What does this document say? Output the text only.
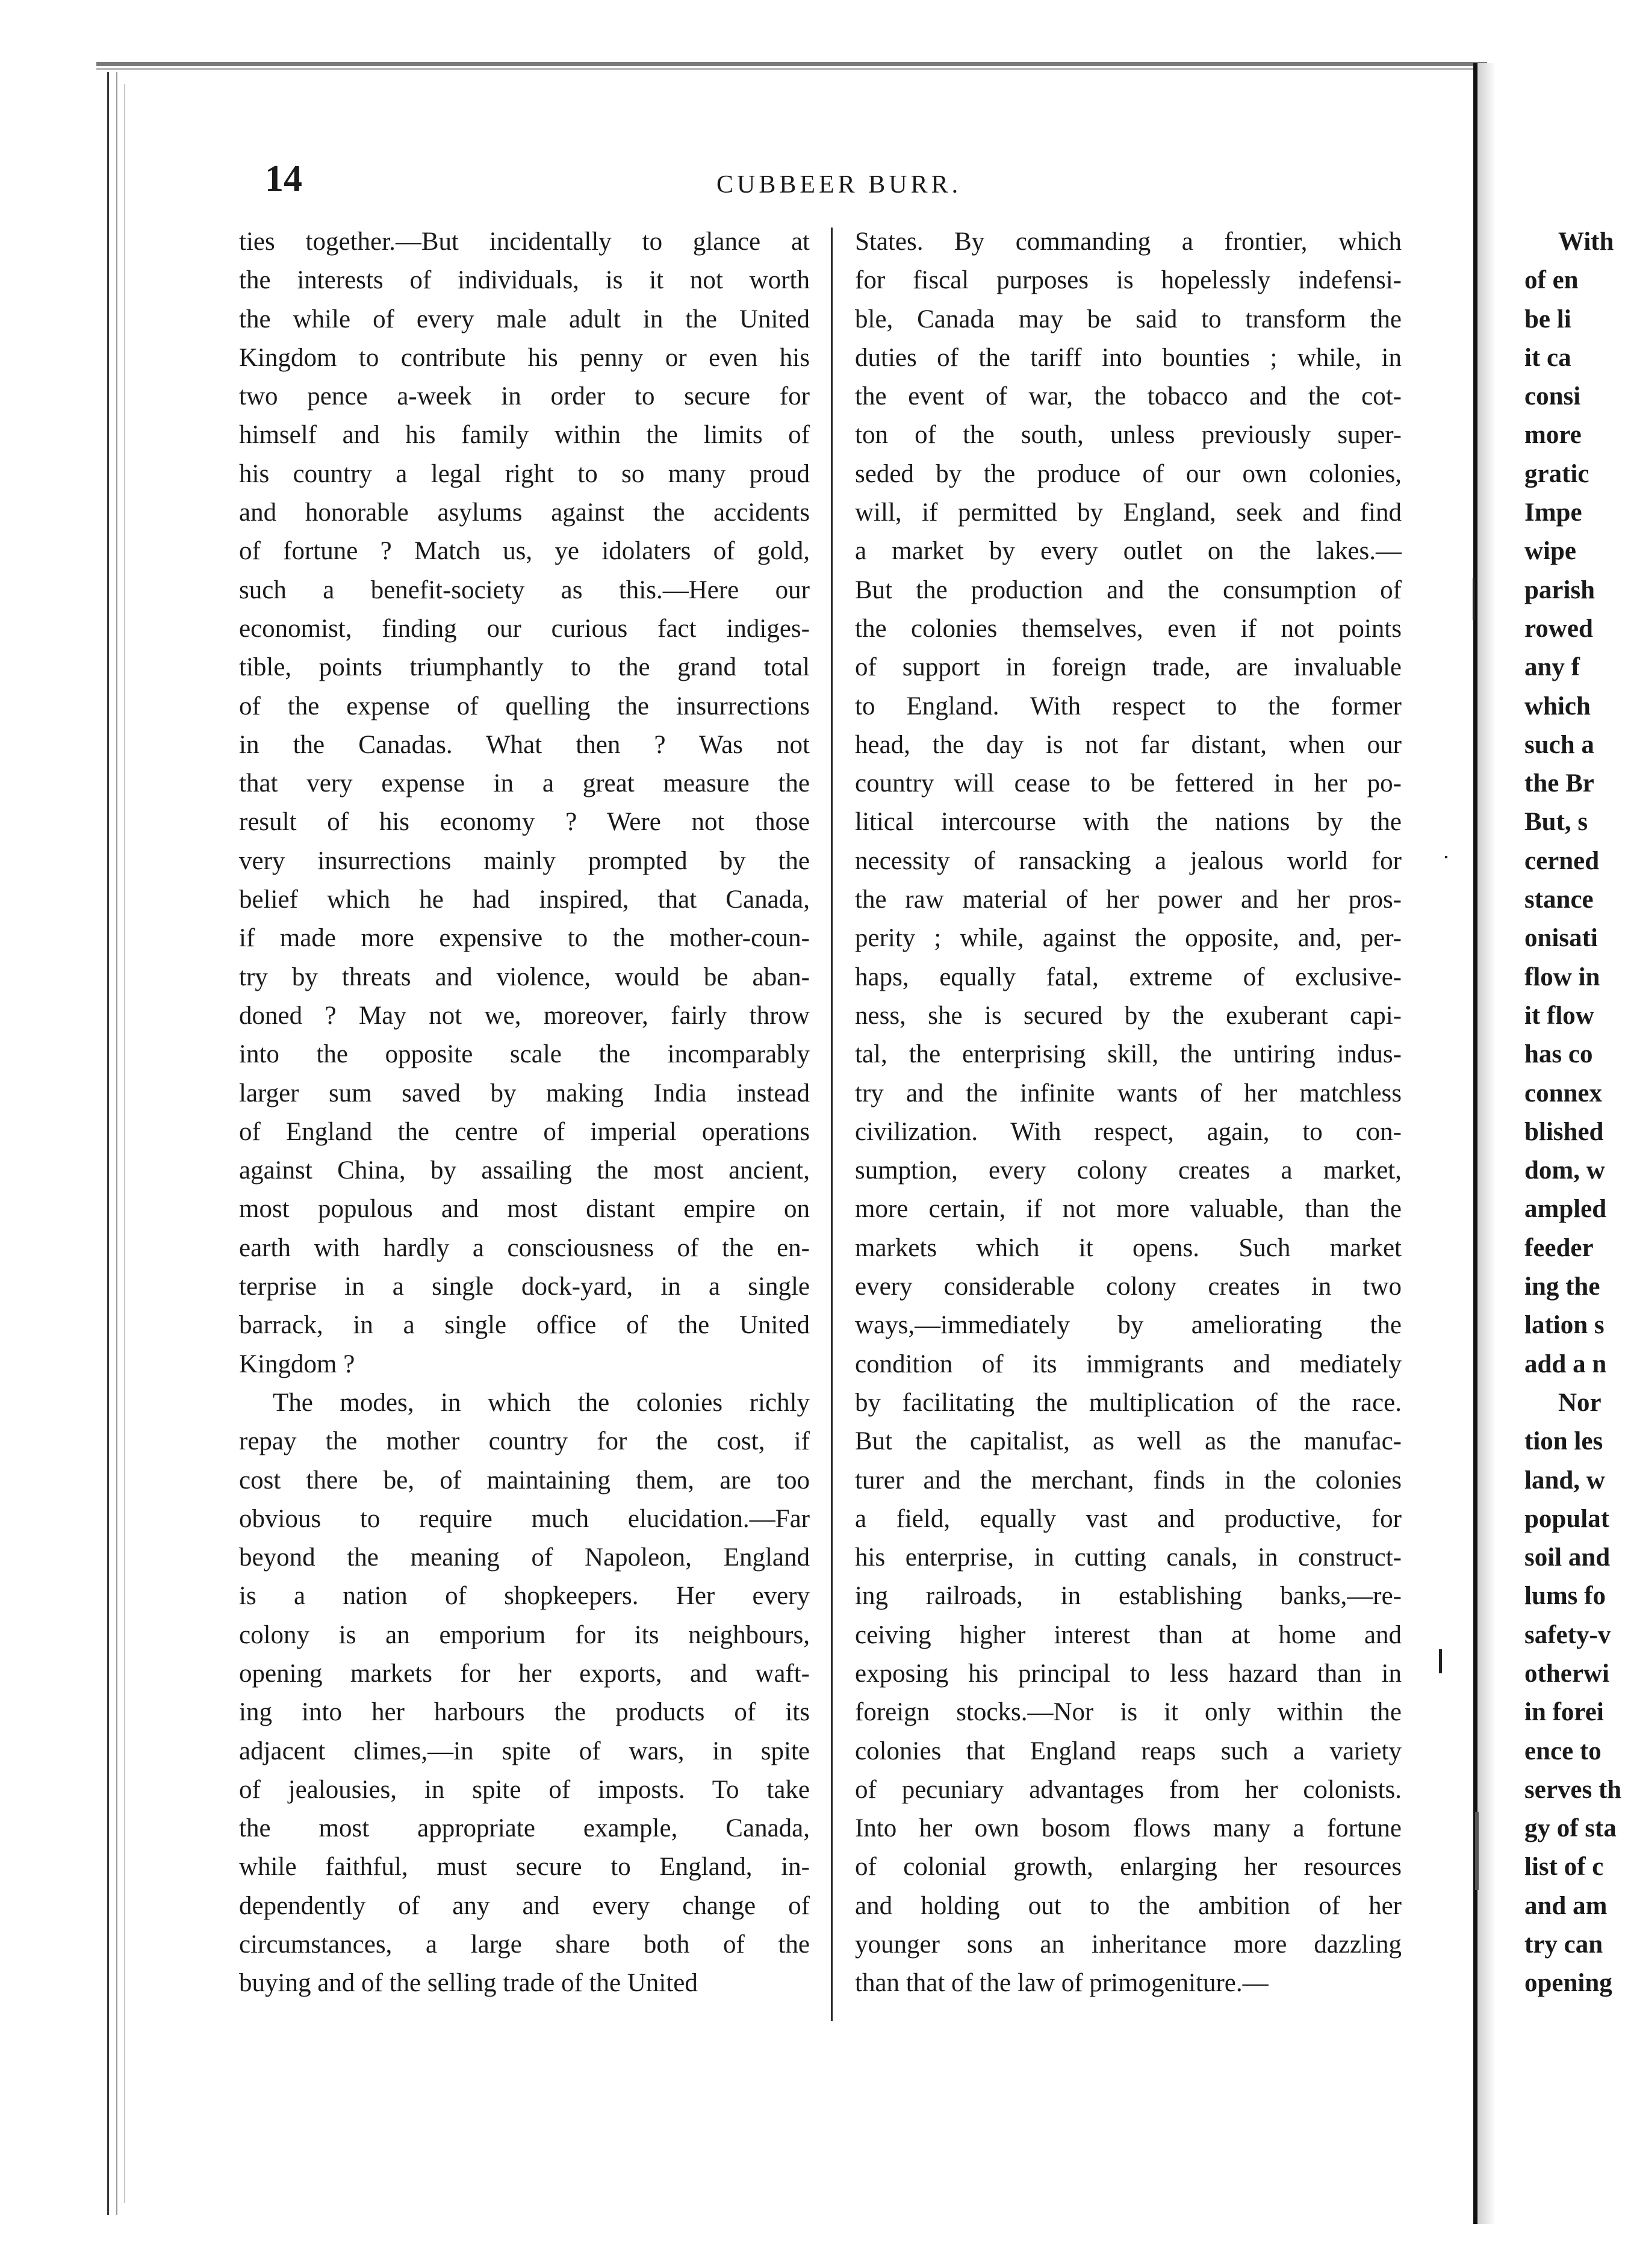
14	CUBBEER BURR.
ties together.—But incidentally to glance at
the interests of individuals, is it not worth
the while of every male adult in the United
Kingdom to contribute his penny or even his
two pence a-week in order to secure for
himself and his family within the limits of
his country a legal right to so many proud
and honorable asylums against the accidents
of fortune ? Match us, ye idolaters of gold,
such a benefit-society as this.—Here our
economist, finding our curious fact indiges-
tible, points triumphantly to the grand total
of the expense of quelling the insurrections
in the Canadas. What then ? Was not
that very expense in a great measure the
result of his economy ? Were not those
very insurrections mainly prompted by the
belief which he had inspired, that Canada,
if made more expensive to the mother-coun-
try by threats and violence, would be aban-
doned ? May not we, moreover, fairly throw
into the opposite scale the incomparably
larger sum saved by making India instead
of England the centre of imperial operations
against China, by assailing the most ancient,
most populous and most distant empire on
earth with hardly a consciousness of the en-
terprise in a single dock-yard, in a single
barrack, in a single office of the United
Kingdom ?
The modes, in which the colonies richly
repay the mother country for the cost, if
cost there be, of maintaining them, are too
obvious to require much elucidation.—Far
beyond the meaning of Napoleon, England
is a nation of shopkeepers. Her every
colony is an emporium for its neighbours,
opening markets for her exports, and waft-
ing into her harbours the products of its
adjacent climes,—in spite of wars, in spite
of jealousies, in spite of imposts. To take
the most appropriate example, Canada,
while faithful, must secure to England, in-
dependently of any and every change of
circumstances, a large share both of the
buying and of the selling trade of the United
States. By commanding a frontier, which
for fiscal purposes is hopelessly indefensi-
ble, Canada may be said to transform the
duties of the tariff into bounties ; while, in
the event of war, the tobacco and the cot-
ton of the south, unless previously super-
seded by the produce of our own colonies,
will, if permitted by England, seek and find
a market by every outlet on the lakes.—
But the production and the consumption of
the colonies themselves, even if not points
of support in foreign trade, are invaluable
to England. With respect to the former
head, the day is not far distant, when our
country will cease to be fettered in her po-
litical intercourse with the nations by the
necessity of ransacking a jealous world for
the raw material of her power and her pros-
perity ; while, against the opposite, and, per-
haps, equally fatal, extreme of exclusive-
ness, she is secured by the exuberant capi-
tal, the enterprising skill, the untiring indus-
try and the infinite wants of her matchless
civilization. With respect, again, to con-
sumption, every colony creates a market,
more certain, if not more valuable, than the
markets which it opens. Such market
every considerable colony creates in two
ways,—immediately by ameliorating the
condition of its immigrants and mediately
by facilitating the multiplication of the race.
But the capitalist, as well as the manufac-
turer and the merchant, finds in the colonies
a field, equally vast and productive, for
his enterprise, in cutting canals, in construct-
ing railroads, in establishing banks,—re-
ceiving higher interest than at home and
exposing his principal to less hazard than in
foreign stocks.—Nor is it only within the
colonies that England reaps such a variety
of pecuniary advantages from her colonists.
Into her own bosom flows many a fortune
of colonial growth, enlarging her resources
and holding out to the ambition of her
younger sons an inheritance more dazzling
than that of the law of primogeniture.—
With
of en
be li
it ca
consi
more
gratic
Impe
wipe
parish
rowed
any f
which
such a
the Br
But, s
cerned
stance
onisati
flow in
it flow
has co
connex
blished
dom, w
ampled
feeder
ing the
lation s
add a n
Nor
tion les
land, w
populat
soil and
lums fo
safety-v
otherwi
in forei
ence to
serves th
gy of sta
list of c
and am
try can
opening
